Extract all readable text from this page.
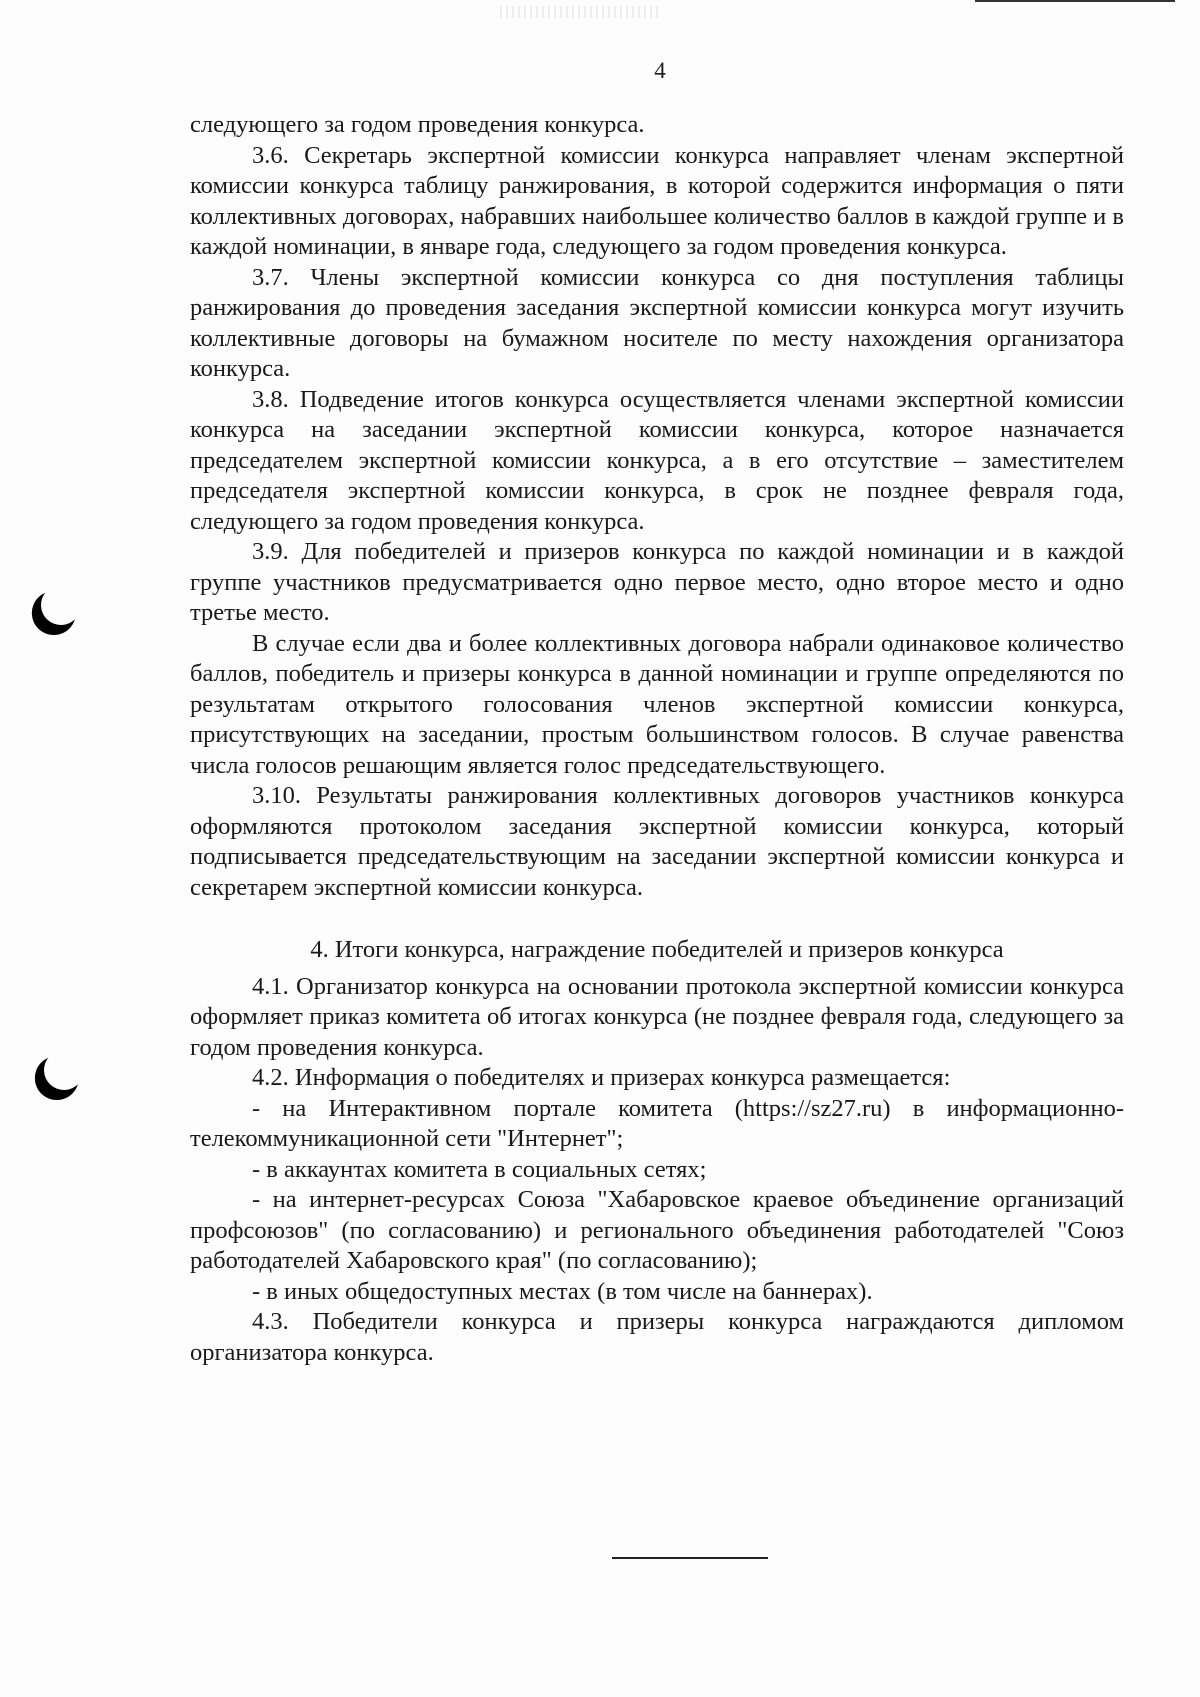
4

следующего за годом проведения конкурса.

3.6. Секретарь экспертной комиссии конкурса направляет членам экспертной комиссии конкурса таблицу ранжирования, в которой содержится информация о пяти коллективных договорах, набравших наибольшее количество баллов в каждой группе и в каждой номинации, в январе года, следующего за годом проведения конкурса.

3.7. Члены экспертной комиссии конкурса со дня поступления таблицы ранжирования до проведения заседания экспертной комиссии конкурса могут изучить коллективные договоры на бумажном носителе по месту нахождения организатора конкурса.

3.8. Подведение итогов конкурса осуществляется членами экспертной комиссии конкурса на заседании экспертной комиссии конкурса, которое назначается председателем экспертной комиссии конкурса, а в его отсутствие – заместителем председателя экспертной комиссии конкурса, в срок не позднее февраля года, следующего за годом проведения конкурса.

3.9. Для победителей и призеров конкурса по каждой номинации и в каждой группе участников предусматривается одно первое место, одно второе место и одно третье место.

В случае если два и более коллективных договора набрали одинаковое количество баллов, победитель и призеры конкурса в данной номинации и группе определяются по результатам открытого голосования членов экспертной комиссии конкурса, присутствующих на заседании, простым большинством голосов. В случае равенства числа голосов решающим является голос председательствующего.

3.10. Результаты ранжирования коллективных договоров участников конкурса оформляются протоколом заседания экспертной комиссии конкурса, который подписывается председательствующим на заседании экспертной комиссии конкурса и секретарем экспертной комиссии конкурса.

4. Итоги конкурса, награждение победителей и призеров конкурса

4.1. Организатор конкурса на основании протокола экспертной комиссии конкурса оформляет приказ комитета об итогах конкурса (не позднее февраля года, следующего за годом проведения конкурса.

4.2. Информация о победителях и призерах конкурса размещается:

- на Интерактивном портале комитета (https://sz27.ru) в информационно-телекоммуникационной сети "Интернет";

- в аккаунтах комитета в социальных сетях;

- на интернет-ресурсах Союза "Хабаровское краевое объединение организаций профсоюзов" (по согласованию) и регионального объединения работодателей "Союз работодателей Хабаровского края" (по согласованию);

- в иных общедоступных местах (в том числе на баннерах).

4.3. Победители конкурса и призеры конкурса награждаются дипломом организатора конкурса.
